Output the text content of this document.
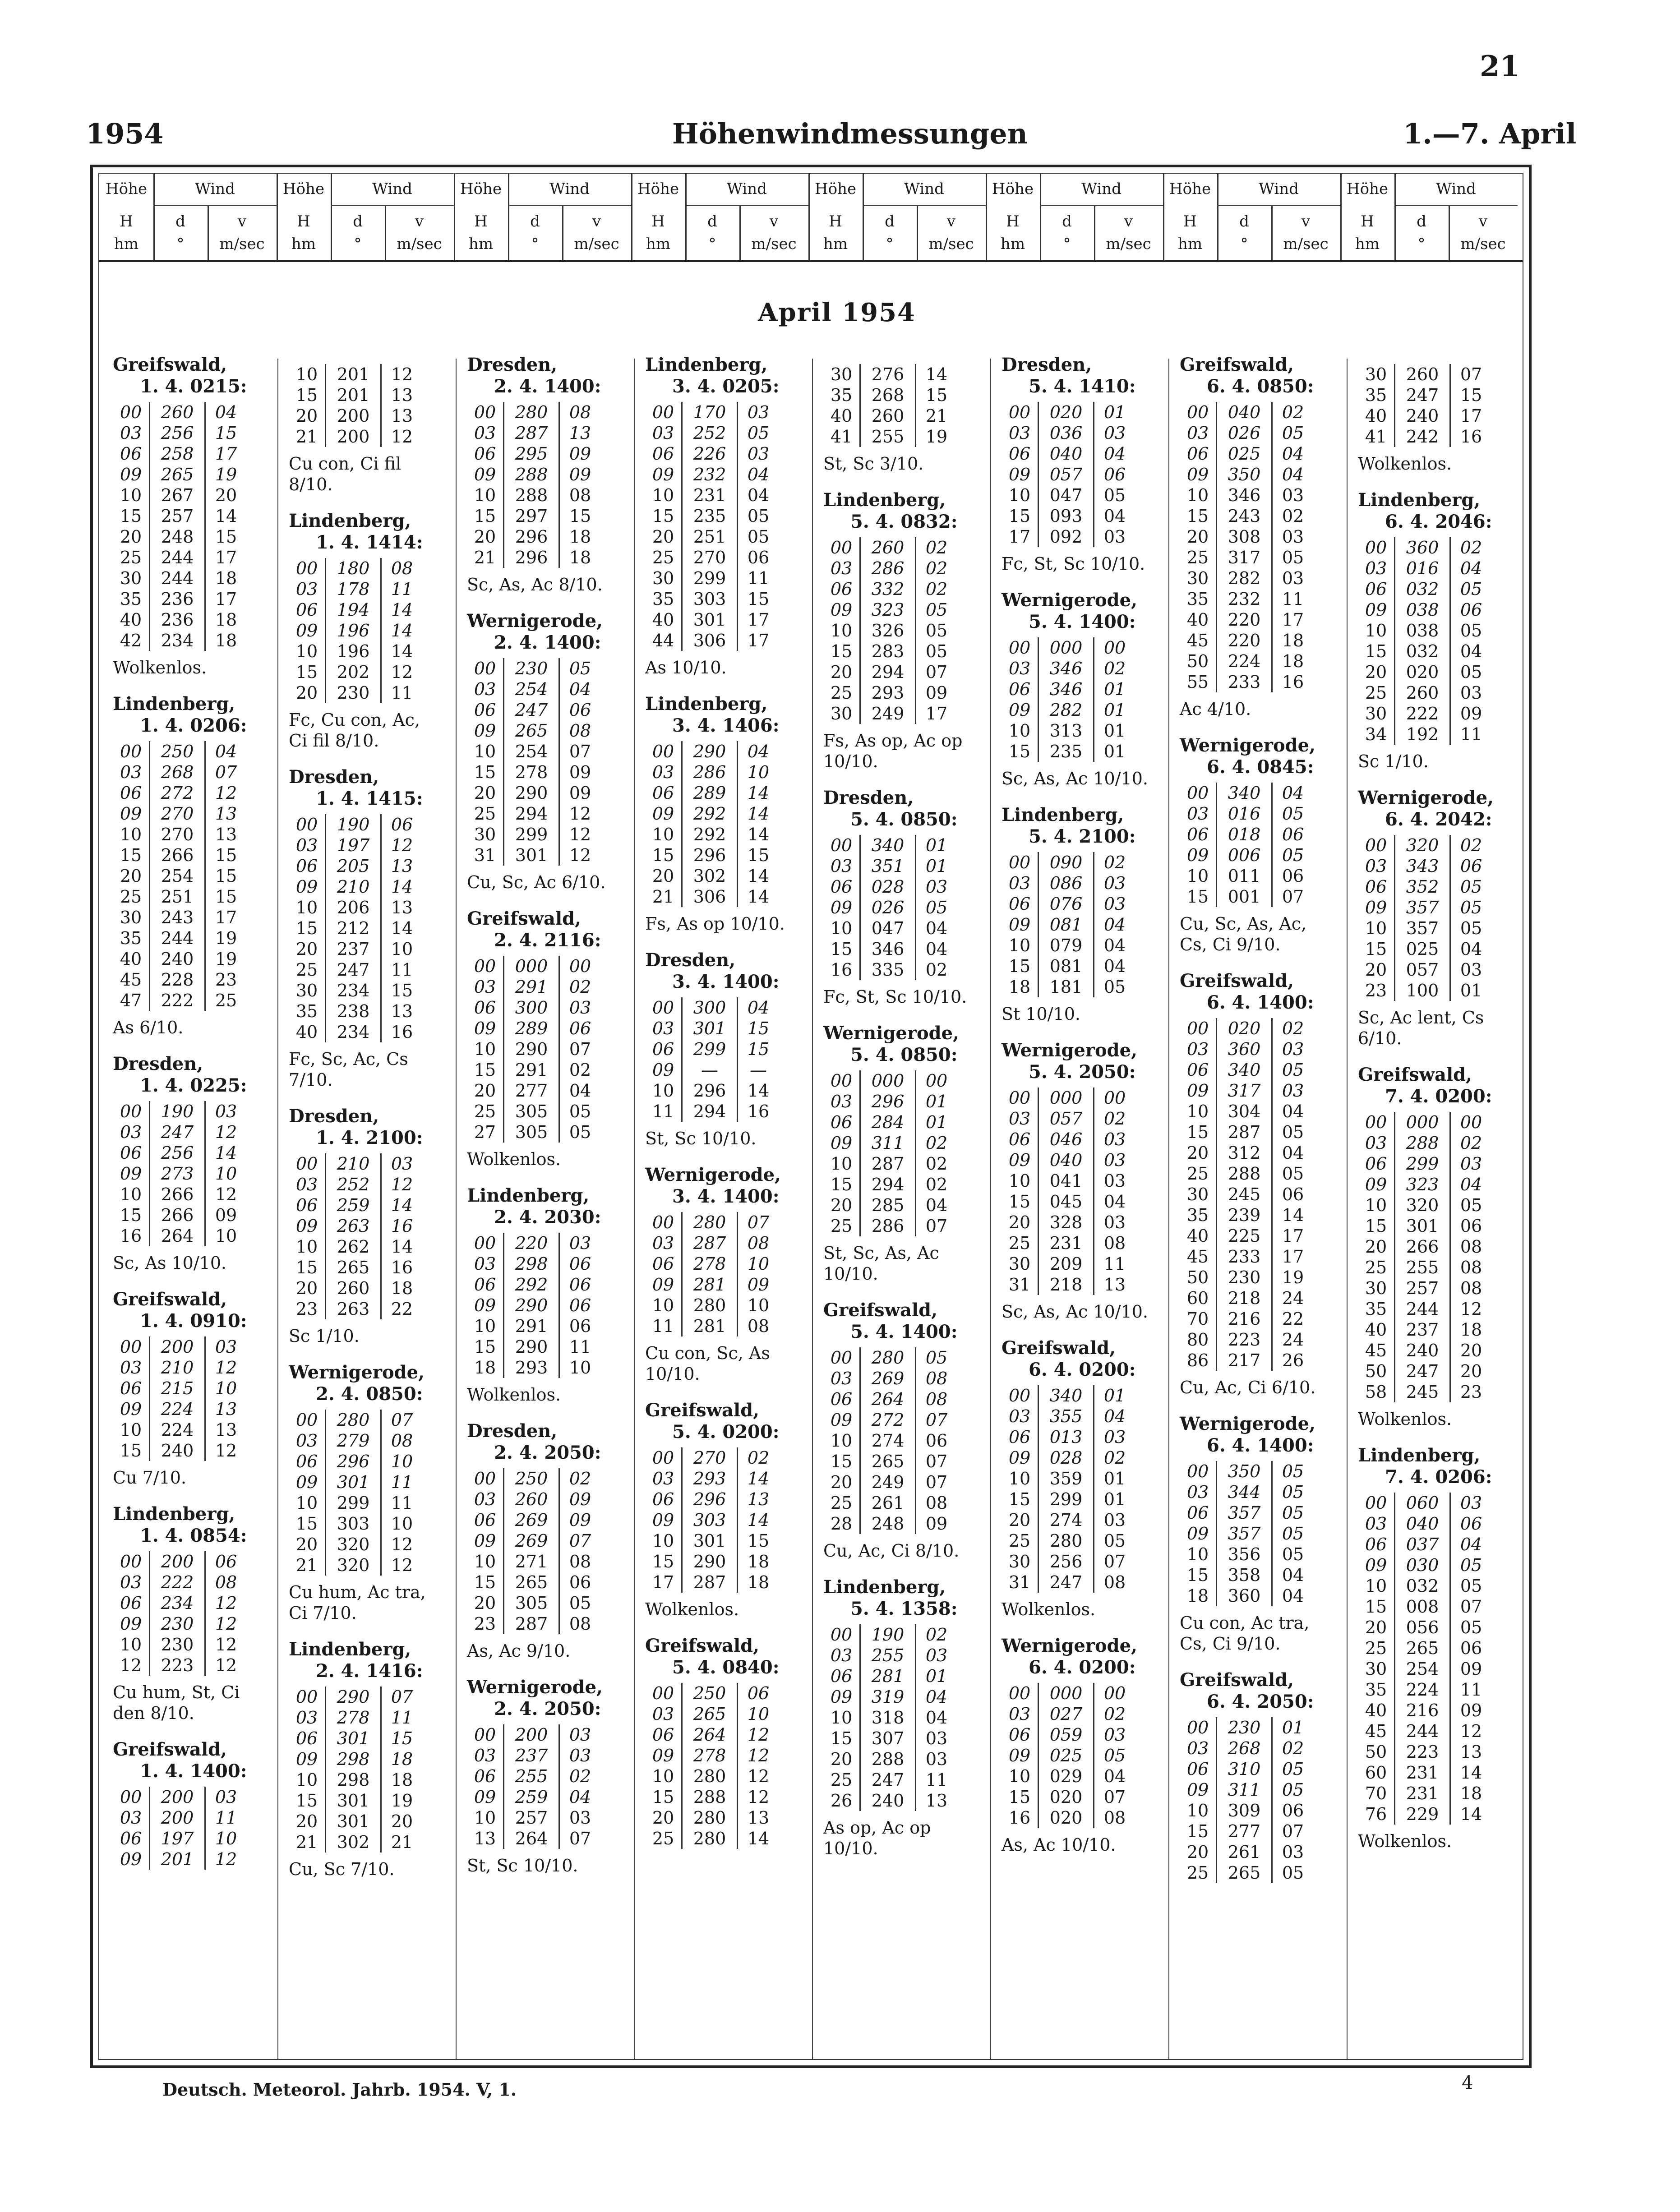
21
1954	Höhenwindmessungen	1.—7. April
Höhe	Wind
H	d	v
hm	°	m/sec
Höhe	Wind
H	d	v
hm	°	m/sec
Höhe	Wind
H	d	v
hm	°	m/sec
Höhe	Wind
H	d	v
hm	°	m/sec
Höhe	Wind
H	d	v
hm	°	m/sec
Höhe	Wind
H	d	v
hm	°	m/sec
Höhe	Wind
H	d	v
hm	°	m/sec
Höhe	Wind
H	d	v
hm	°	m/sec
April 1954
Greifswald,
1. 4. 0215:
00	260	04
03	256	15
06	258	17
09	265	19
10	267	20
15	257	14
20	248	15
25	244	17
30	244	18
35	236	17
40	236	18
42	234	18
Wolkenlos.
Lindenberg,
1. 4. 0206:
00	250	04
03	268	07
06	272	12
09	270	13
10	270	13
15	266	15
20	254	15
25	251	15
30	243	17
35	244	19
40	240	19
45	228	23
47	222	25
As 6/10.
Dresden,
1. 4. 0225:
00	190	03
03	247	12
06	256	14
09	273	10
10	266	12
15	266	09
16	264	10
Sc, As 10/10.
Greifswald,
1. 4. 0910:
00	200	03
03	210	12
06	215	10
09	224	13
10	224	13
15	240	12
Cu 7/10.
Lindenberg,
1. 4. 0854:
00	200	06
03	222	08
06	234	12
09	230	12
10	230	12
12	223	12
Cu hum, St, Ci den 8/10.
Greifswald,
1. 4. 1400:
00	200	03
03	200	11
06	197	10
09	201	12
10	201	12
15	201	13
20	200	13
21	200	12
Cu con, Ci fil 8/10.
Lindenberg,
1. 4. 1414:
00	180	08
03	178	11
06	194	14
09	196	14
10	196	14
15	202	12
20	230	11
Fc, Cu con, Ac, Ci fil 8/10.
Dresden,
1. 4. 1415:
00	190	06
03	197	12
06	205	13
09	210	14
10	206	13
15	212	14
20	237	10
25	247	11
30	234	15
35	238	13
40	234	16
Fc, Sc, Ac, Cs 7/10.
Dresden,
1. 4. 2100:
00	210	03
03	252	12
06	259	14
09	263	16
10	262	14
15	265	16
20	260	18
23	263	22
Sc 1/10.
Wernigerode,
2. 4. 0850:
00	280	07
03	279	08
06	296	10
09	301	11
10	299	11
15	303	10
20	320	12
21	320	12
Cu hum, Ac tra, Ci 7/10.
Lindenberg,
2. 4. 1416:
00	290	07
03	278	11
06	301	15
09	298	18
10	298	18
15	301	19
20	301	20
21	302	21
Cu, Sc 7/10.
Dresden,
2. 4. 1400:
00	280	08
03	287	13
06	295	09
09	288	09
10	288	08
15	297	15
20	296	18
21	296	18
Sc, As, Ac 8/10.
Wernigerode,
2. 4. 1400:
00	230	05
03	254	04
06	247	06
09	265	08
10	254	07
15	278	09
20	290	09
25	294	12
30	299	12
31	301	12
Cu, Sc, Ac 6/10.
Greifswald,
2. 4. 2116:
00	000	00
03	291	02
06	300	03
09	289	06
10	290	07
15	291	02
20	277	04
25	305	05
27	305	05
Wolkenlos.
Lindenberg,
2. 4. 2030:
00	220	03
03	298	06
06	292	06
09	290	06
10	291	06
15	290	11
18	293	10
Wolkenlos.
Dresden,
2. 4. 2050:
00	250	02
03	260	09
06	269	09
09	269	07
10	271	08
15	265	06
20	305	05
23	287	08
As, Ac 9/10.
Wernigerode,
2. 4. 2050:
00	200	03
03	237	03
06	255	02
09	259	04
10	257	03
13	264	07
St, Sc 10/10.
Lindenberg,
3. 4. 0205:
00	170	03
03	252	05
06	226	03
09	232	04
10	231	04
15	235	05
20	251	05
25	270	06
30	299	11
35	303	15
40	301	17
44	306	17
As 10/10.
Lindenberg,
3. 4. 1406:
00	290	04
03	286	10
06	289	14
09	292	14
10	292	14
15	296	15
20	302	14
21	306	14
Fs, As op 10/10.
Dresden,
3. 4. 1400:
00	300	04
03	301	15
06	299	15
09	—	—
10	296	14
11	294	16
St, Sc 10/10.
Wernigerode,
3. 4. 1400:
00	280	07
03	287	08
06	278	10
09	281	09
10	280	10
11	281	08
Cu con, Sc, As 10/10.
Greifswald,
5. 4. 0200:
00	270	02
03	293	14
06	296	13
09	303	14
10	301	15
15	290	18
17	287	18
Wolkenlos.
Greifswald,
5. 4. 0840:
00	250	06
03	265	10
06	264	12
09	278	12
10	280	12
15	288	12
20	280	13
25	280	14
30	276	14
35	268	15
40	260	21
41	255	19
St, Sc 3/10.
Lindenberg,
5. 4. 0832:
00	260	02
03	286	02
06	332	02
09	323	05
10	326	05
15	283	05
20	294	07
25	293	09
30	249	17
Fs, As op, Ac op 10/10.
Dresden,
5. 4. 0850:
00	340	01
03	351	01
06	028	03
09	026	05
10	047	04
15	346	04
16	335	02
Fc, St, Sc 10/10.
Wernigerode,
5. 4. 0850:
00	000	00
03	296	01
06	284	01
09	311	02
10	287	02
15	294	02
20	285	04
25	286	07
St, Sc, As, Ac 10/10.
Greifswald,
5. 4. 1400:
00	280	05
03	269	08
06	264	08
09	272	07
10	274	06
15	265	07
20	249	07
25	261	08
28	248	09
Cu, Ac, Ci 8/10.
Lindenberg,
5. 4. 1358:
00	190	02
03	255	03
06	281	01
09	319	04
10	318	04
15	307	03
20	288	03
25	247	11
26	240	13
As op, Ac op 10/10.
Dresden,
5. 4. 1410:
00	020	01
03	036	03
06	040	04
09	057	06
10	047	05
15	093	04
17	092	03
Fc, St, Sc 10/10.
Wernigerode,
5. 4. 1400:
00	000	00
03	346	02
06	346	01
09	282	01
10	313	01
15	235	01
Sc, As, Ac 10/10.
Lindenberg,
5. 4. 2100:
00	090	02
03	086	03
06	076	03
09	081	04
10	079	04
15	081	04
18	181	05
St 10/10.
Wernigerode,
5. 4. 2050:
00	000	00
03	057	02
06	046	03
09	040	03
10	041	03
15	045	04
20	328	03
25	231	08
30	209	11
31	218	13
Sc, As, Ac 10/10.
Greifswald,
6. 4. 0200:
00	340	01
03	355	04
06	013	03
09	028	02
10	359	01
15	299	01
20	274	03
25	280	05
30	256	07
31	247	08
Wolkenlos.
Wernigerode,
6. 4. 0200:
00	000	00
03	027	02
06	059	03
09	025	05
10	029	04
15	020	07
16	020	08
As, Ac 10/10.
Greifswald,
6. 4. 0850:
00	040	02
03	026	05
06	025	04
09	350	04
10	346	03
15	243	02
20	308	03
25	317	05
30	282	03
35	232	11
40	220	17
45	220	18
50	224	18
55	233	16
Ac 4/10.
Wernigerode,
6. 4. 0845:
00	340	04
03	016	05
06	018	06
09	006	05
10	011	06
15	001	07
Cu, Sc, As, Ac, Cs, Ci 9/10.
Greifswald,
6. 4. 1400:
00	020	02
03	360	03
06	340	05
09	317	03
10	304	04
15	287	05
20	312	04
25	288	05
30	245	06
35	239	14
40	225	17
45	233	17
50	230	19
60	218	24
70	216	22
80	223	24
86	217	26
Cu, Ac, Ci 6/10.
Wernigerode,
6. 4. 1400:
00	350	05
03	344	05
06	357	05
09	357	05
10	356	05
15	358	04
18	360	04
Cu con, Ac tra, Cs, Ci 9/10.
Greifswald,
6. 4. 2050:
00	230	01
03	268	02
06	310	05
09	311	05
10	309	06
15	277	07
20	261	03
25	265	05
30	260	07
35	247	15
40	240	17
41	242	16
Wolkenlos.
Lindenberg,
6. 4. 2046:
00	360	02
03	016	04
06	032	05
09	038	06
10	038	05
15	032	04
20	020	05
25	260	03
30	222	09
34	192	11
Sc 1/10.
Wernigerode,
6. 4. 2042:
00	320	02
03	343	06
06	352	05
09	357	05
10	357	05
15	025	04
20	057	03
23	100	01
Sc, Ac lent, Cs 6/10.
Greifswald,
7. 4. 0200:
00	000	00
03	288	02
06	299	03
09	323	04
10	320	05
15	301	06
20	266	08
25	255	08
30	257	08
35	244	12
40	237	18
45	240	20
50	247	20
58	245	23
Wolkenlos.
Lindenberg,
7. 4. 0206:
00	060	03
03	040	06
06	037	04
09	030	05
10	032	05
15	008	07
20	056	05
25	265	06
30	254	09
35	224	11
40	216	09
45	244	12
50	223	13
60	231	14
70	231	18
76	229	14
Wolkenlos.
Deutsch. Meteorol. Jahrb. 1954. V, 1.	4
